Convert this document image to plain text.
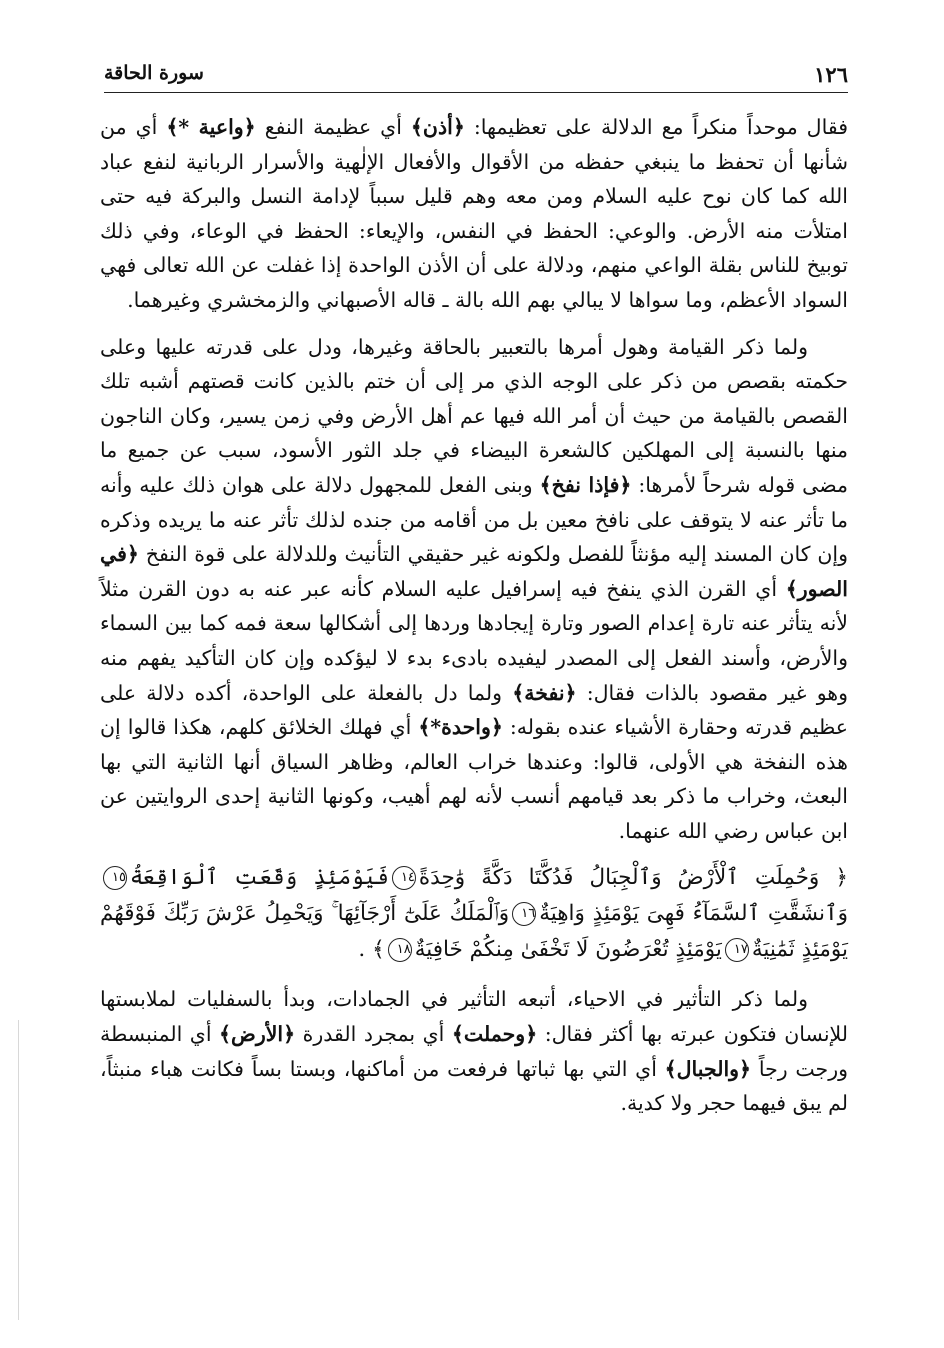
١٢٦
سورة الحاقة

فقال موحداً منكراً مع الدلالة على تعظيمها: ﴿أذن﴾ أي عظيمة النفع ﴿واعية *﴾ أي من شأنها أن تحفظ ما ينبغي حفظه من الأقوال والأفعال الإلٰهية والأسرار الربانية لنفع عباد الله كما كان نوح عليه السلام ومن معه وهم قليل سبباً لإدامة النسل والبركة فيه حتى امتلأت منه الأرض. والوعي: الحفظ في النفس، والإيعاء: الحفظ في الوعاء، وفي ذلك توبيخ للناس بقلة الواعي منهم، ودلالة على أن الأذن الواحدة إذا غفلت عن الله تعالى فهي السواد الأعظم، وما سواها لا يبالي بهم الله بالة ـ قاله الأصبهاني والزمخشري وغيرهما.

ولما ذكر القيامة وهول أمرها بالتعبير بالحاقة وغيرها، ودل على قدرته عليها وعلى حكمته بقصص من ذكر على الوجه الذي مر إلى أن ختم بالذين كانت قصتهم أشبه تلك القصص بالقيامة من حيث أن أمر الله فيها عم أهل الأرض وفي زمن يسير، وكان الناجون منها بالنسبة إلى المهلكين كالشعرة البيضاء في جلد الثور الأسود، سبب عن جميع ما مضى قوله شرحاً لأمرها: ﴿فإذا نفخ﴾ وبنى الفعل للمجهول دلالة على هوان ذلك عليه وأنه ما تأثر عنه لا يتوقف على نافخ معين بل من أقامه من جنده لذلك تأثر عنه ما يريده وذكره وإن كان المسند إليه مؤنثاً للفصل ولكونه غير حقيقي التأنيث وللدلالة على قوة النفخ ﴿في الصور﴾ أي القرن الذي ينفخ فيه إسرافيل عليه السلام كأنه عبر عنه به دون القرن مثلاً لأنه يتأثر عنه تارة إعدام الصور وتارة إيجادها وردها إلى أشكالها سعة فمه كما بين السماء والأرض، وأسند الفعل إلى المصدر ليفيده بادىء بدء لا ليؤكده وإن كان التأكيد يفهم منه وهو غير مقصود بالذات فقال: ﴿نفخة﴾ ولما دل بالفعلة على الواحدة، أكده دلالة على عظيم قدرته وحقارة الأشياء عنده بقوله: ﴿واحدة*﴾ أي فهلك الخلائق كلهم، هكذا قالوا إن هذه النفخة هي الأولى، قالوا: وعندها خراب العالم، وظاهر السياق أنها الثانية التي بها البعث، وخراب ما ذكر بعد قيامهم أنسب لأنه لهم أهيب، وكونها الثانية إحدى الروايتين عن ابن عباس رضي الله عنهما.

﴿ وَحُمِلَتِ ٱلْأَرْضُ وَٱلْجِبَالُ فَدُكَّتَا دَكَّةً وَٰحِدَةً١٤فَيَوْمَئِذٍ وَقَعَتِ ٱلْوَاقِعَةُ١٥وَٱنشَقَّتِ ٱلسَّمَآءُ فَهِىَ يَوْمَئِذٍ وَاهِيَةٌ١٦وَٱلْمَلَكُ عَلَىٰٓ أَرْجَآئِهَا ۚ وَيَحْمِلُ عَرْشَ رَبِّكَ فَوْقَهُمْ يَوْمَئِذٍ ثَمَٰنِيَةٌ١٧يَوْمَئِذٍ تُعْرَضُونَ لَا تَخْفَىٰ مِنكُمْ خَافِيَةٌ١٨﴾ .

ولما ذكر التأثير في الاحياء، أتبعه التأثير في الجمادات، وبدأ بالسفليات لملابستها للإنسان فتكون عبرته بها أكثر فقال: ﴿وحملت﴾ أي بمجرد القدرة ﴿الأرض﴾ أي المنبسطة ورجت رجاً ﴿والجبال﴾ أي التي بها ثباتها فرفعت من أماكنها، وبستا بساً فكانت هباء منبثاً، لم يبق فيهما حجر ولا كدية.
